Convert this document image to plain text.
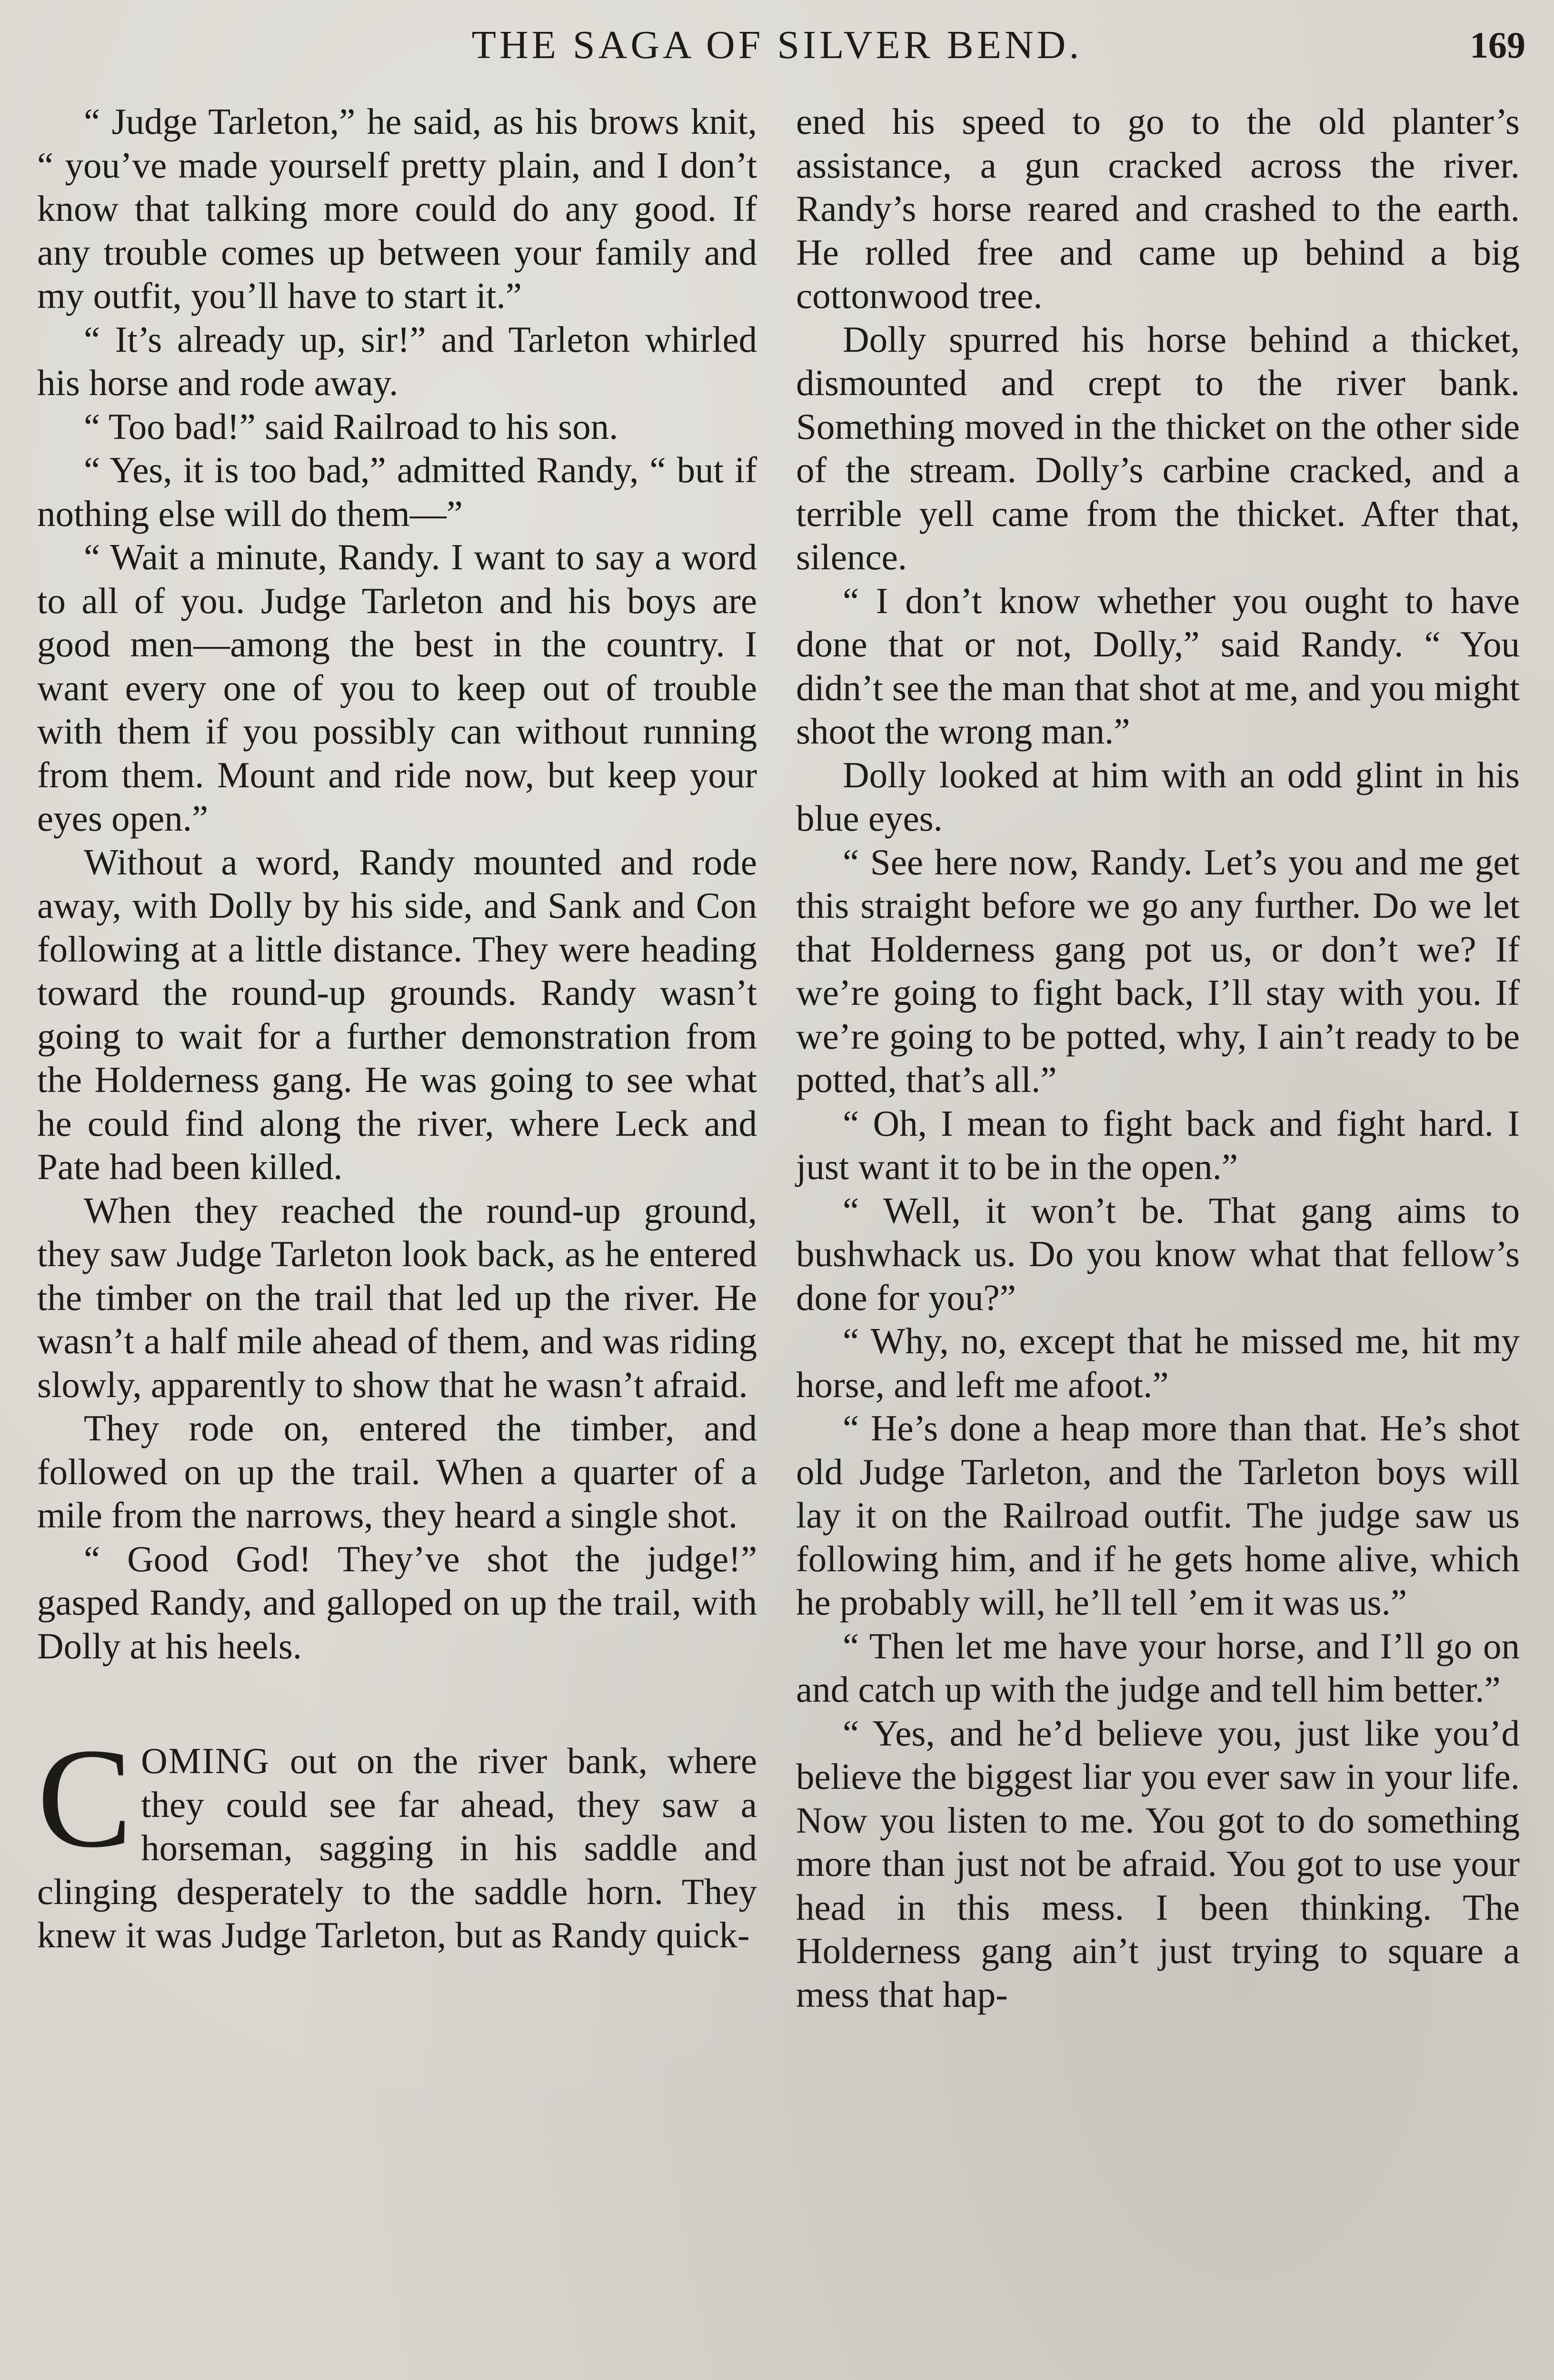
THE SAGA OF SILVER BEND.	169

“ Judge Tarleton,” he said, as his brows knit, “ you’ve made yourself pretty plain, and I don’t know that talking more could do any good. If any trouble comes up between your family and my outfit, you’ll have to start it.”

“ It’s already up, sir!” and Tarleton whirled his horse and rode away.

“ Too bad!” said Railroad to his son.

“ Yes, it is too bad,” admitted Randy, “ but if nothing else will do them—”

“ Wait a minute, Randy. I want to say a word to all of you. Judge Tarleton and his boys are good men—among the best in the country. I want every one of you to keep out of trouble with them if you possibly can without running from them. Mount and ride now, but keep your eyes open.”

Without a word, Randy mounted and rode away, with Dolly by his side, and Sank and Con following at a little distance. They were heading toward the round-up grounds. Randy wasn’t going to wait for a further demonstration from the Holderness gang. He was going to see what he could find along the river, where Leck and Pate had been killed.

When they reached the round-up ground, they saw Judge Tarleton look back, as he entered the timber on the trail that led up the river. He wasn’t a half mile ahead of them, and was riding slowly, apparently to show that he wasn’t afraid.

They rode on, entered the timber, and followed on up the trail. When a quarter of a mile from the narrows, they heard a single shot.

“ Good God! They’ve shot the judge!” gasped Randy, and galloped on up the trail, with Dolly at his heels.

COMING out on the river bank, where they could see far ahead, they saw a horseman, sagging in his saddle and clinging desperately to the saddle horn. They knew it was Judge Tarleton, but as Randy quick-

ened his speed to go to the old planter’s assistance, a gun cracked across the river. Randy’s horse reared and crashed to the earth. He rolled free and came up behind a big cottonwood tree.

Dolly spurred his horse behind a thicket, dismounted and crept to the river bank. Something moved in the thicket on the other side of the stream. Dolly’s carbine cracked, and a terrible yell came from the thicket. After that, silence.

“ I don’t know whether you ought to have done that or not, Dolly,” said Randy. “ You didn’t see the man that shot at me, and you might shoot the wrong man.”

Dolly looked at him with an odd glint in his blue eyes.

“ See here now, Randy. Let’s you and me get this straight before we go any further. Do we let that Holderness gang pot us, or don’t we? If we’re going to fight back, I’ll stay with you. If we’re going to be potted, why, I ain’t ready to be potted, that’s all.”

“ Oh, I mean to fight back and fight hard. I just want it to be in the open.”

“ Well, it won’t be. That gang aims to bushwhack us. Do you know what that fellow’s done for you?”

“ Why, no, except that he missed me, hit my horse, and left me afoot.”

“ He’s done a heap more than that. He’s shot old Judge Tarleton, and the Tarleton boys will lay it on the Railroad outfit. The judge saw us following him, and if he gets home alive, which he probably will, he’ll tell ’em it was us.”

“ Then let me have your horse, and I’ll go on and catch up with the judge and tell him better.”

“ Yes, and he’d believe you, just like you’d believe the biggest liar you ever saw in your life. Now you listen to me. You got to do something more than just not be afraid. You got to use your head in this mess. I been thinking. The Holderness gang ain’t just trying to square a mess that hap-
